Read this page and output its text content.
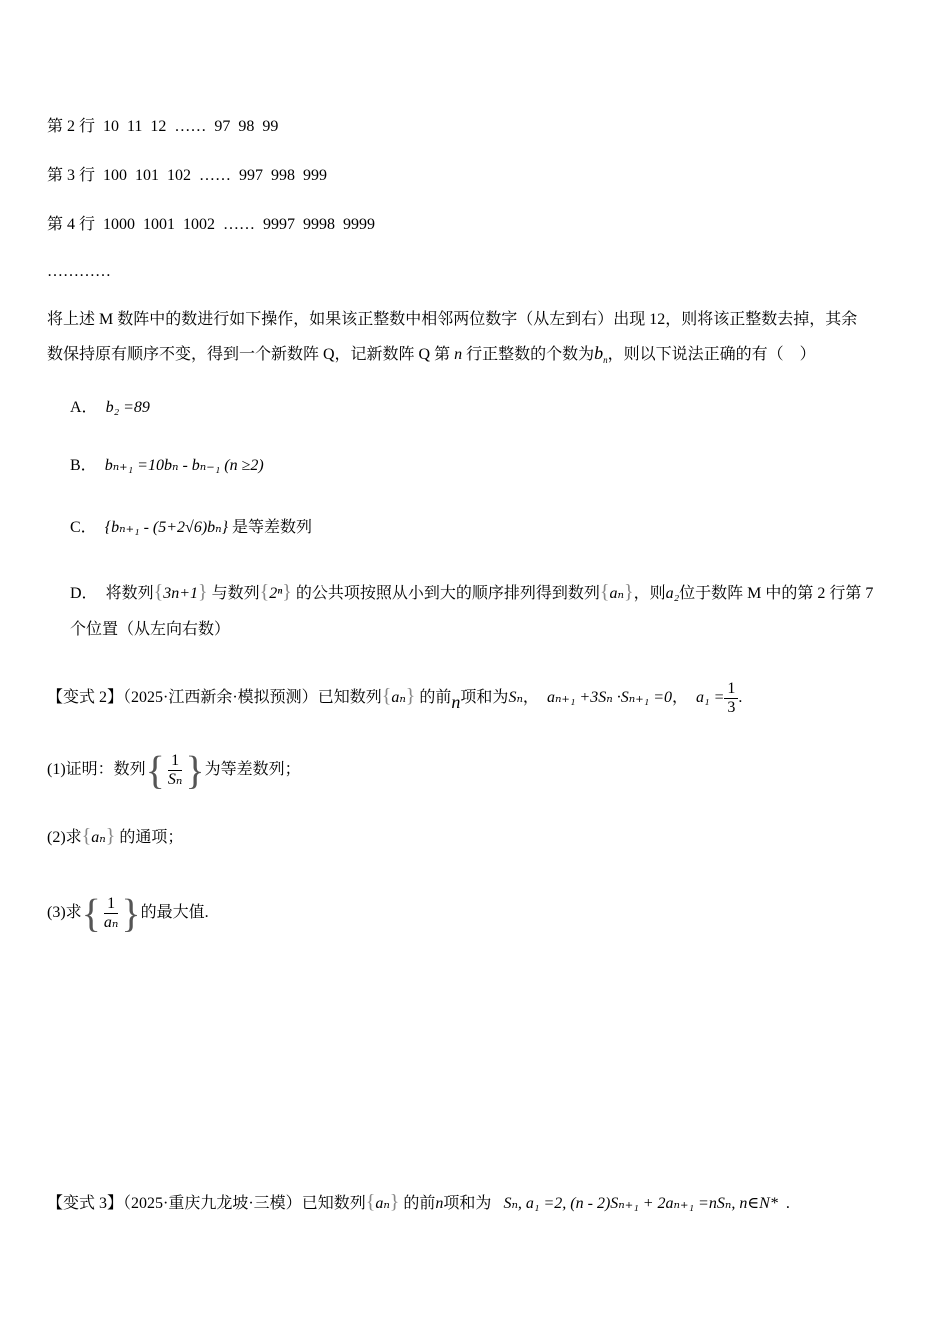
第 2 行 10  11  12  ……  97  98  99
第 3 行 100  101  102  ……  997  998  999
第 4 行 1000  1001  1002  ……  9997  9998  9999
…………
将上述 M 数阵中的数进行如下操作，如果该正整数中相邻两位数字（从左到右）出现 12，则将该正整数去掉，其余
数保持原有顺序不变，得到一个新数阵 Q，记新数阵 Q 第 n 行正整数的个数为$b_n$，则以下说法正确的有（　）
A． b₂ =89
B． bₙ₊₁ =10bₙ - bₙ₋₁ (n ≥2)
C． {bₙ₊₁ - (5+2√6)bₙ} 是等差数列
D． 将数列{3n+1} 与数列{2ⁿ} 的公共项按照从小到大的顺序排列得到数列{aₙ}，则a₂位于数阵 M 中的第 2 行第 7
个位置（从左向右数）
【变式 2】（2025·江西新余·模拟预测）已知数列{aₙ} 的前n项和为Sₙ，  aₙ₊₁ +3Sₙ ·Sₙ₊₁ =0，  $a_1 = \frac{1}{3}$ .
(1)证明：数列{ $\frac{1}{\text{Sₙ}}$ }为等差数列；
(2)求{aₙ} 的通项；
(3)求{ $\frac{1}{\text{aₙ}}$ }的最大值.
【变式 3】（2025·重庆九龙坡·三模）已知数列{aₙ} 的前n项和为 Sₙ, a₁ =2, (n - 2)Sₙ₊₁ + 2aₙ₊₁ =nSₙ, n∈N* .
